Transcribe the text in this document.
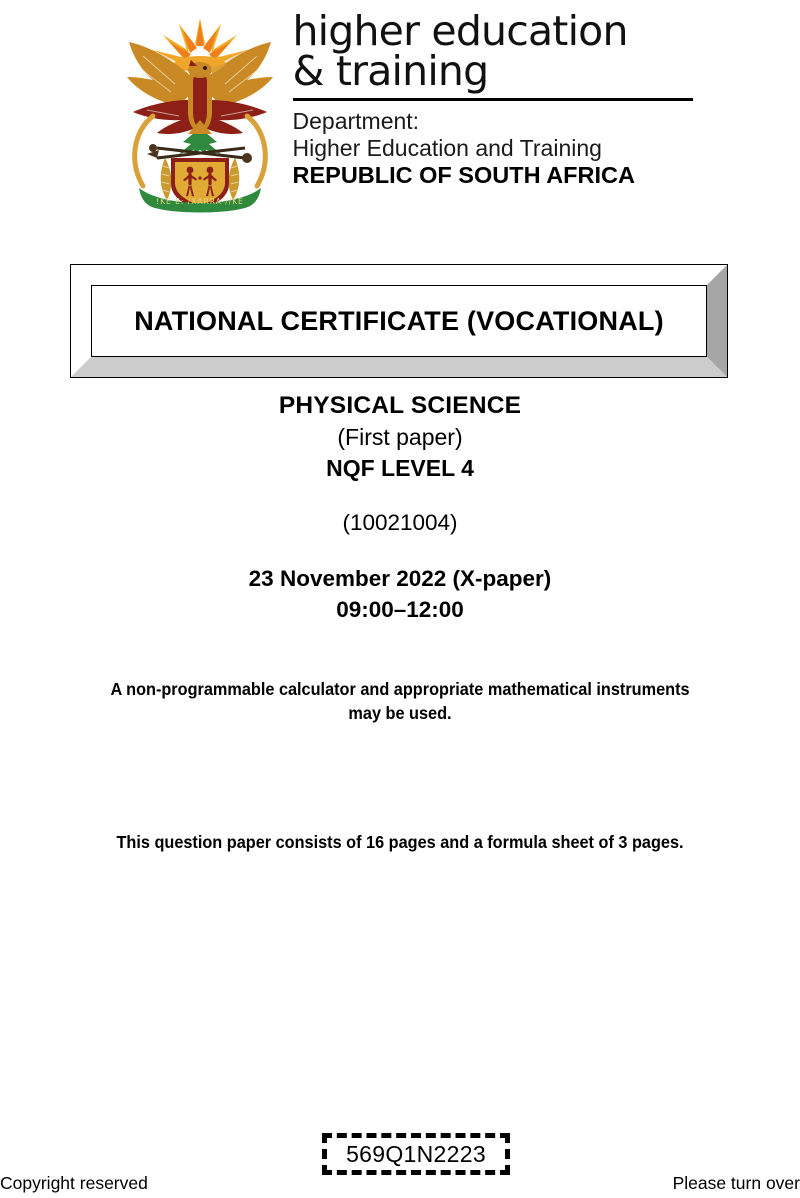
!KE E: /XARRA //KE
higher education
& training
Department:
Higher Education and Training
REPUBLIC OF SOUTH AFRICA
NATIONAL CERTIFICATE (VOCATIONAL)
PHYSICAL SCIENCE
(First paper)
NQF LEVEL 4
(10021004)
23 November 2022 (X-paper)
09:00–12:00
A non-programmable calculator and appropriate mathematical instruments
may be used.
This question paper consists of 16 pages and a formula sheet of 3 pages.
569Q1N2223
Copyright reserved	Please turn over
